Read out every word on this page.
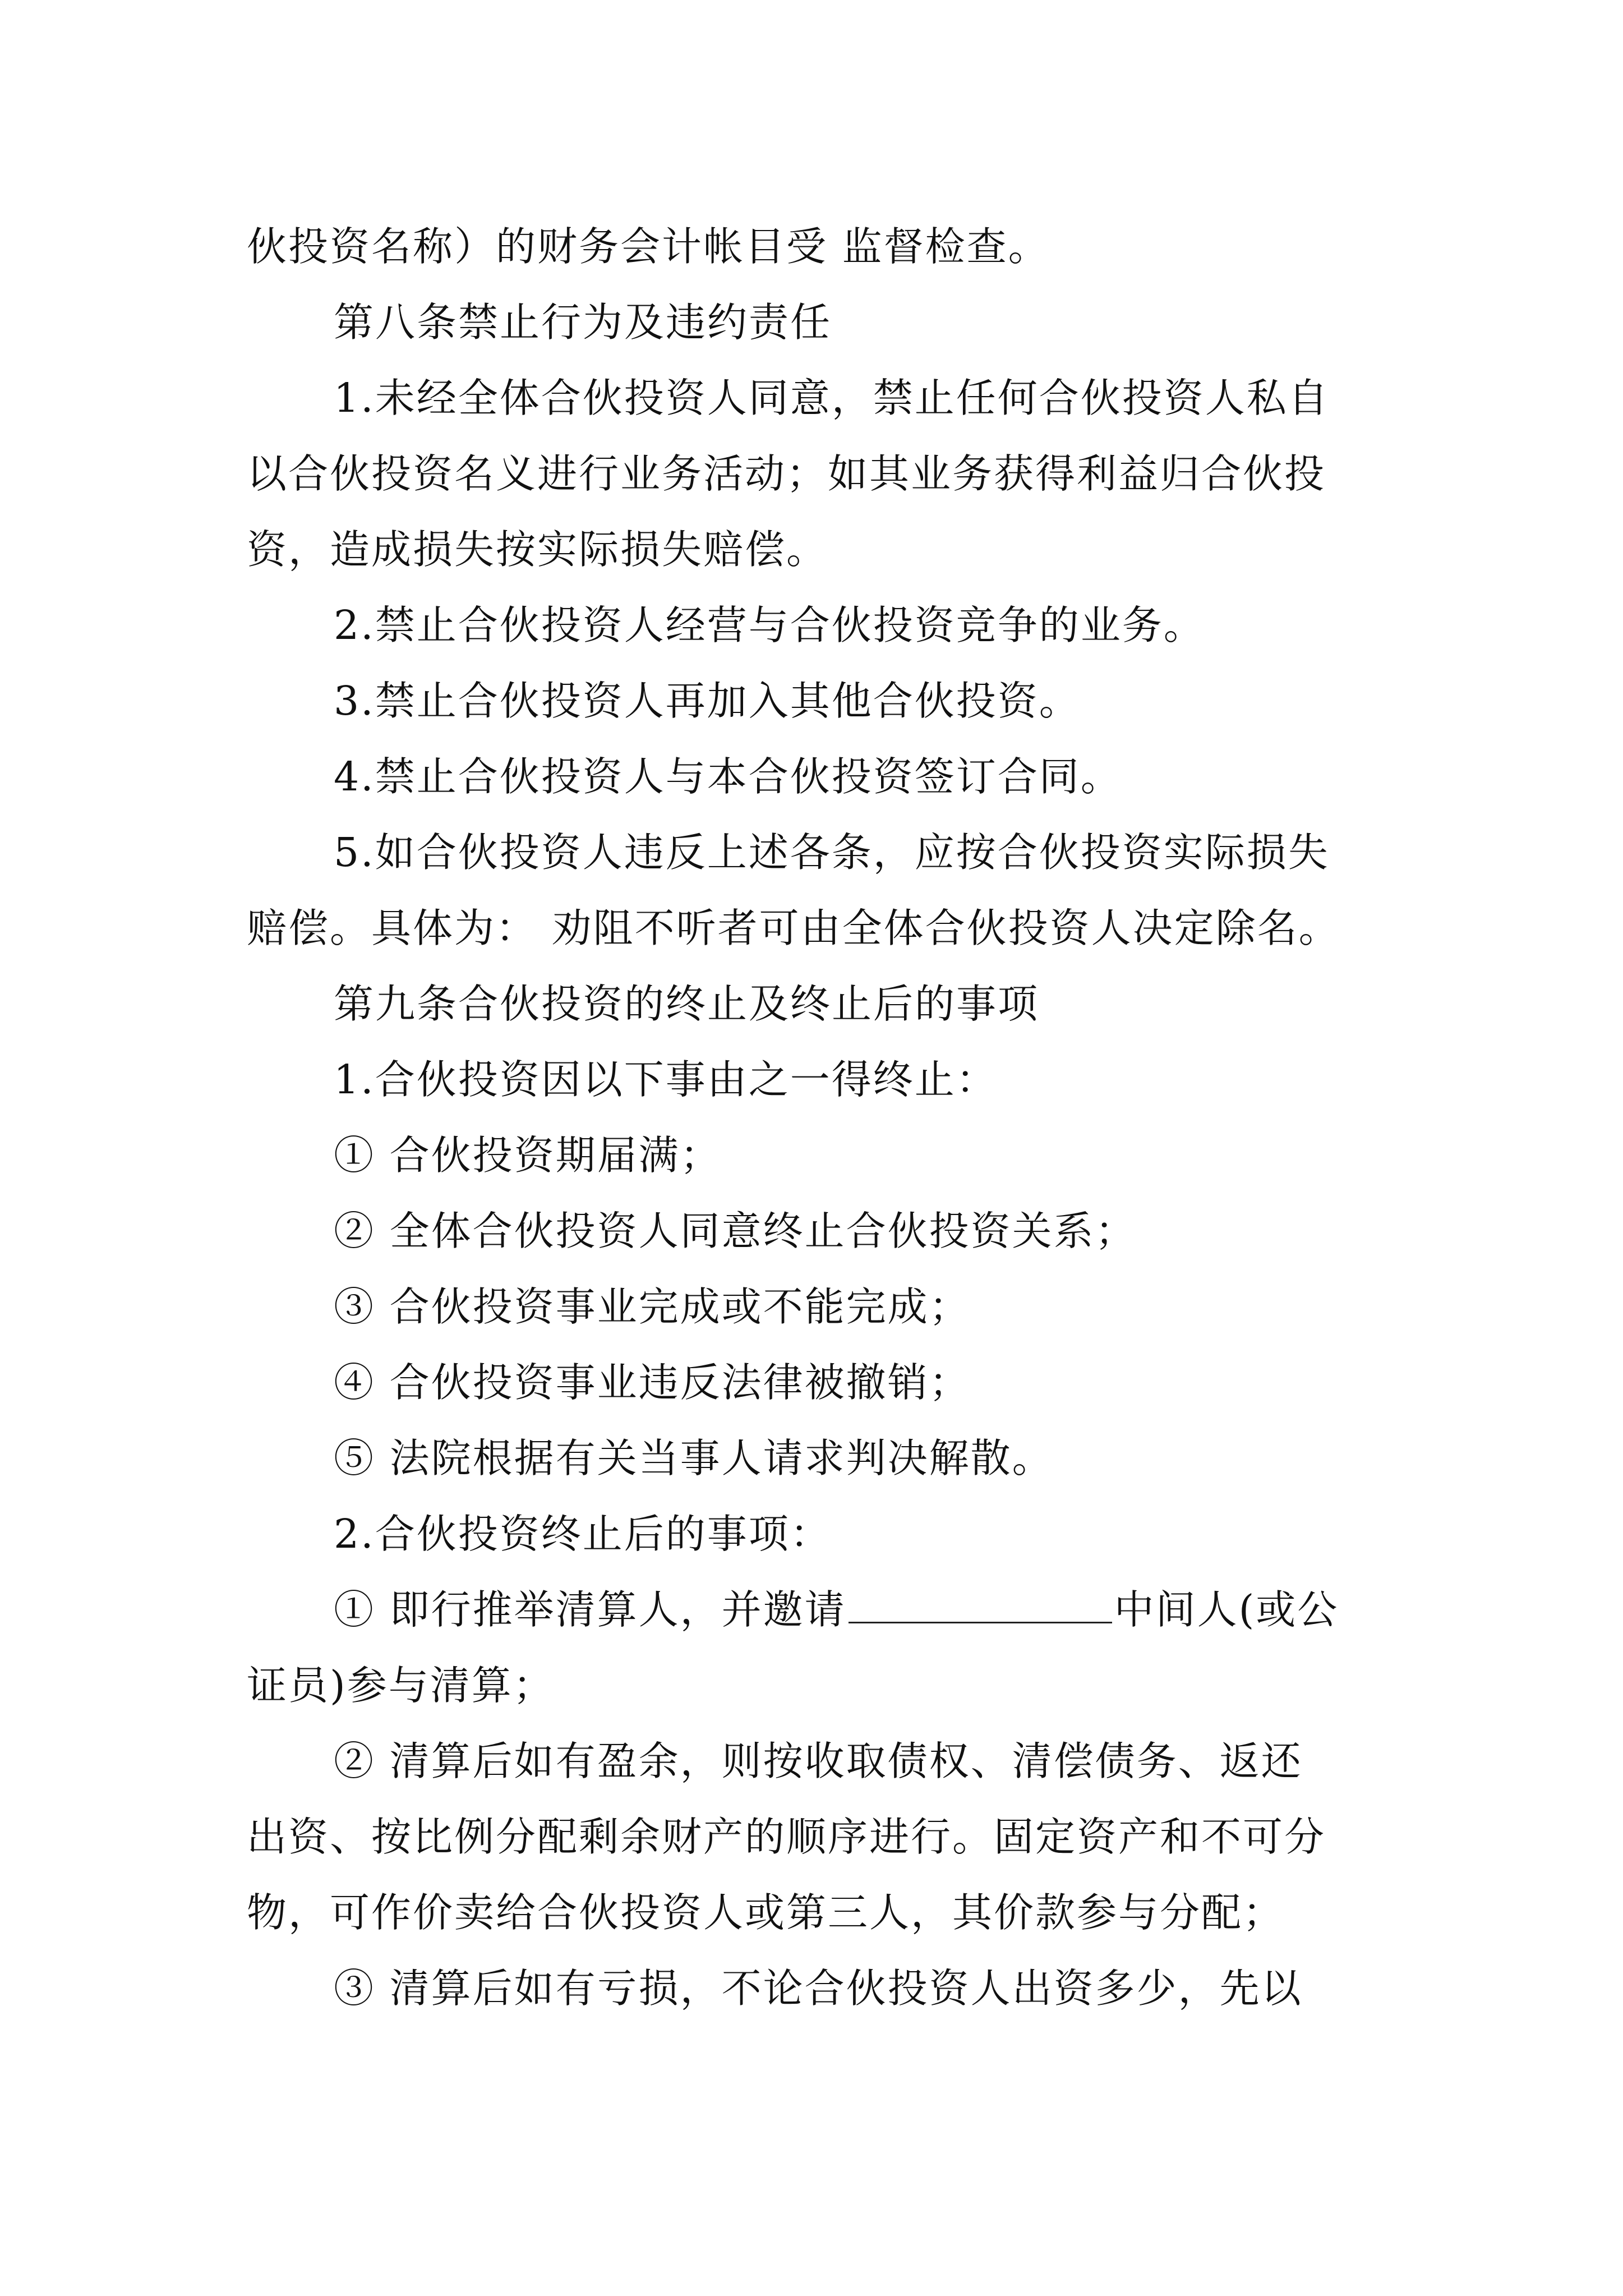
伙投资名称）的财务会计帐目受 监督检查。
第八条禁止行为及违约责任
1.未经全体合伙投资人同意，禁止任何合伙投资人私自
以合伙投资名义进行业务活动；如其业务获得利益归合伙投
资，造成损失按实际损失赔偿。
2.禁止合伙投资人经营与合伙投资竞争的业务。
3.禁止合伙投资人再加入其他合伙投资。
4.禁止合伙投资人与本合伙投资签订合同。
5.如合伙投资人违反上述各条，应按合伙投资实际损失
赔偿。具体为： 劝阻不听者可由全体合伙投资人决定除名。
第九条合伙投资的终止及终止后的事项
1.合伙投资因以下事由之一得终止：
① 合伙投资期届满；
② 全体合伙投资人同意终止合伙投资关系；
③ 合伙投资事业完成或不能完成；
④ 合伙投资事业违反法律被撤销；
⑤ 法院根据有关当事人请求判决解散。
2.合伙投资终止后的事项：
① 即行推举清算人，并邀请	中间人(或公
证员)参与清算；
② 清算后如有盈余，则按收取债权、清偿债务、返还
出资、按比例分配剩余财产的顺序进行。固定资产和不可分
物，可作价卖给合伙投资人或第三人，其价款参与分配；
③ 清算后如有亏损，不论合伙投资人出资多少，先以
